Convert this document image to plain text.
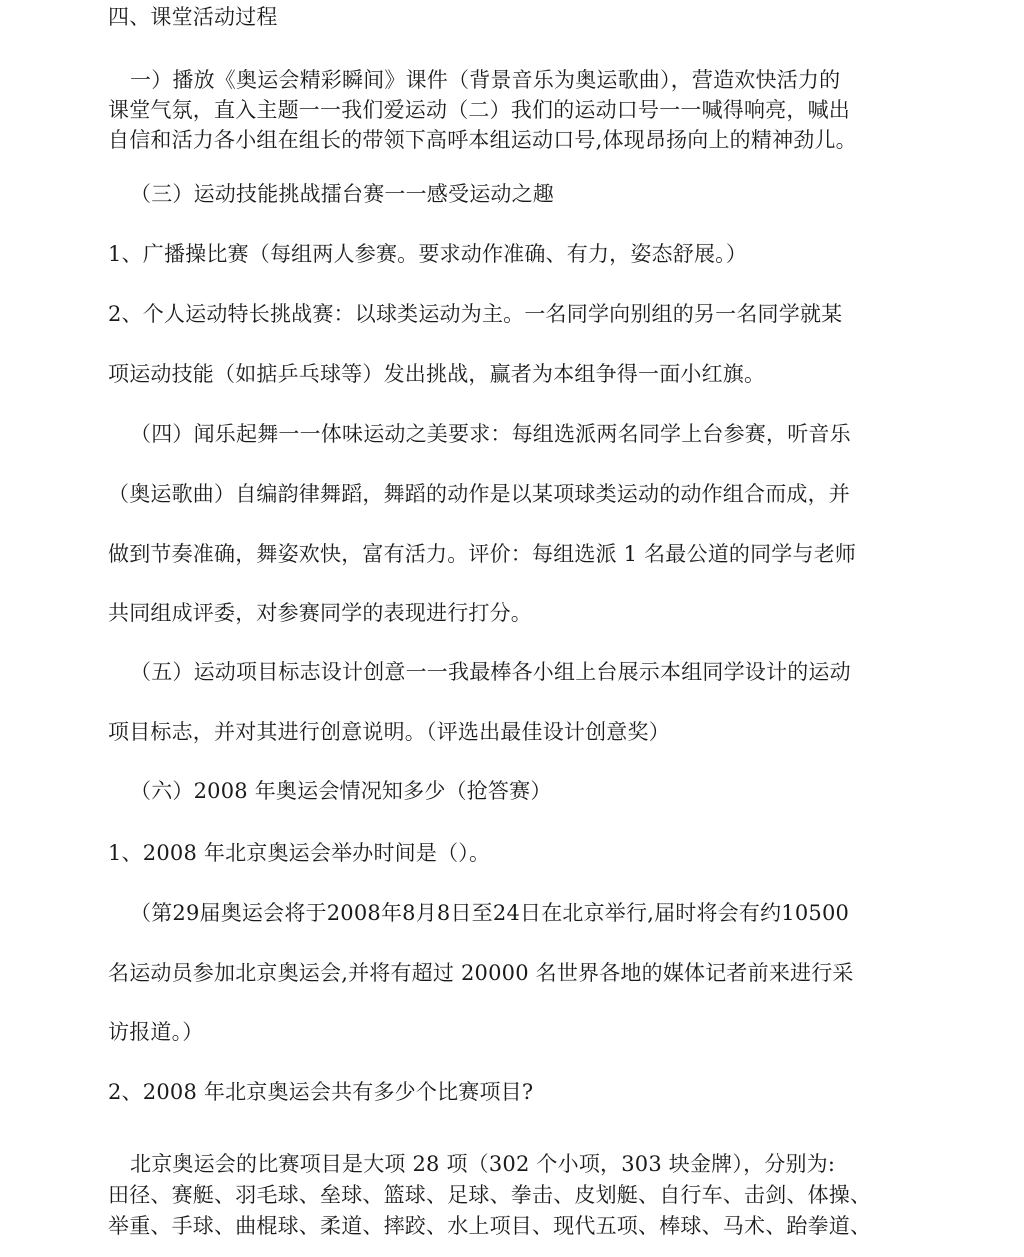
四、课堂活动过程
一）播放《奥运会精彩瞬间》课件（背景音乐为奥运歌曲），营造欢快活力的
课堂气氛，直入主题一一我们爱运动（二）我们的运动口号一一喊得响亮，喊出
自信和活力各小组在组长的带领下高呼本组运动口号,体现昂扬向上的精神劲儿。
（三）运动技能挑战擂台赛一一感受运动之趣
1、广播操比赛（每组两人参赛。要求动作准确、有力，姿态舒展。）
2、个人运动特长挑战赛：以球类运动为主。一名同学向别组的另一名同学就某
项运动技能（如掂乒乓球等）发出挑战，赢者为本组争得一面小红旗。
（四）闻乐起舞一一体味运动之美要求：每组选派两名同学上台参赛，听音乐
（奥运歌曲）自编韵律舞蹈，舞蹈的动作是以某项球类运动的动作组合而成，并
做到节奏准确，舞姿欢快，富有活力。评价：每组选派 1 名最公道的同学与老师
共同组成评委，对参赛同学的表现进行打分。
（五）运动项目标志设计创意一一我最棒各小组上台展示本组同学设计的运动
项目标志，并对其进行创意说明。（评选出最佳设计创意奖）
（六）2008 年奥运会情况知多少（抢答赛）
1、2008 年北京奥运会举办时间是（）。
（第29届奥运会将于2008年8月8日至24日在北京举行,届时将会有约10500
名运动员参加北京奥运会,并将有超过 20000 名世界各地的媒体记者前来进行采
访报道。）
2、2008 年北京奥运会共有多少个比赛项目?
北京奥运会的比赛项目是大项 28 项（302 个小项，303 块金牌），分别为:
田径、赛艇、羽毛球、垒球、篮球、足球、拳击、皮划艇、自行车、击剑、体操、
举重、手球、曲棍球、柔道、摔跤、水上项目、现代五项、棒球、马术、跆拳道、
